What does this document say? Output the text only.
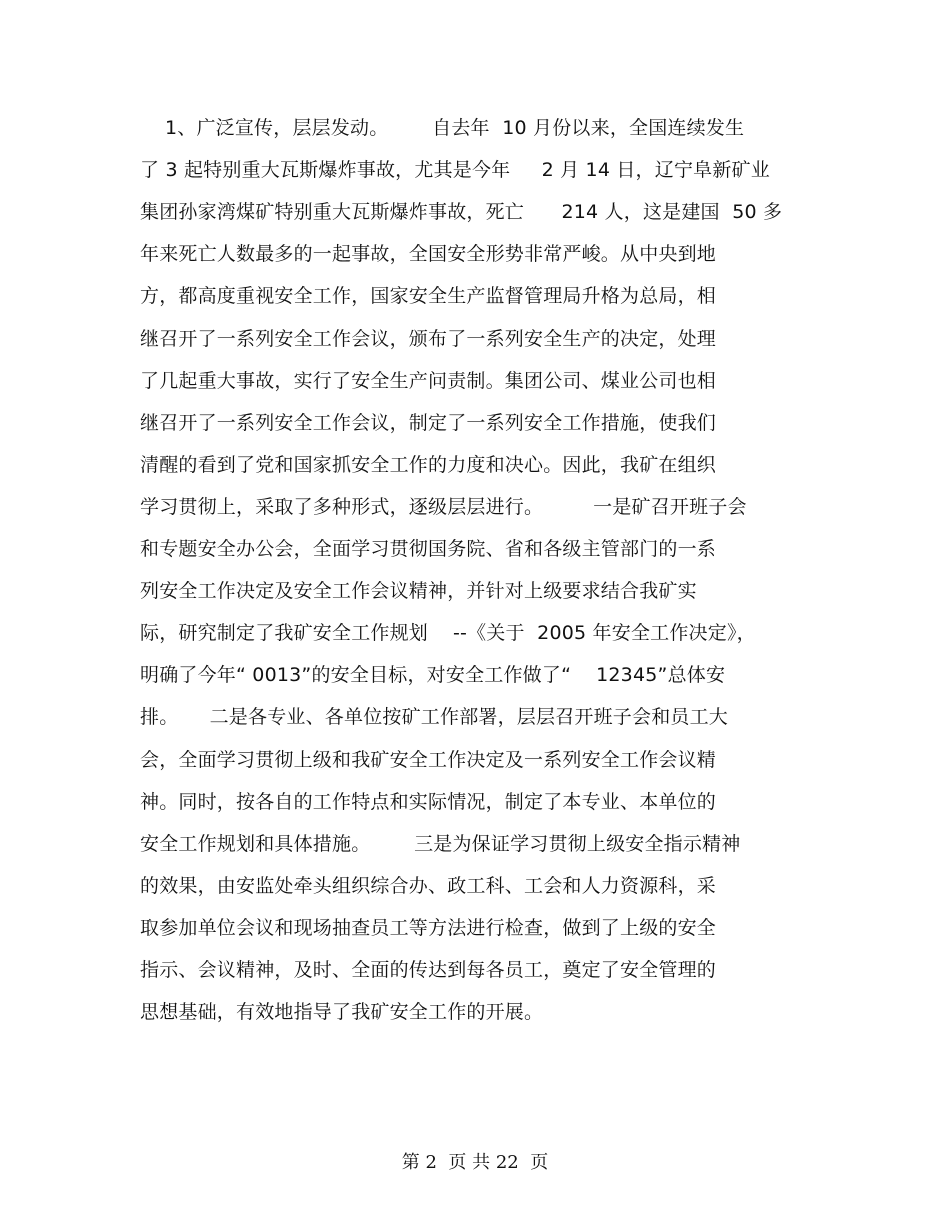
1、广泛宣传，层层发动。       自去年  10 月份以来，全国连续发生
了 3 起特别重大瓦斯爆炸事故，尤其是今年     2 月 14 日，辽宁阜新矿业
集团孙家湾煤矿特别重大瓦斯爆炸事故，死亡      214 人，这是建国  50 多
年来死亡人数最多的一起事故，全国安全形势非常严峻。从中央到地
方，都高度重视安全工作，国家安全生产监督管理局升格为总局，相
继召开了一系列安全工作会议，颁布了一系列安全生产的决定，处理
了几起重大事故，实行了安全生产问责制。集团公司、煤业公司也相
继召开了一系列安全工作会议，制定了一系列安全工作措施，使我们
清醒的看到了党和国家抓安全工作的力度和决心。因此，我矿在组织
学习贯彻上，采取了多种形式，逐级层层进行。        一是矿召开班子会
和专题安全办公会，全面学习贯彻国务院、省和各级主管部门的一系
列安全工作决定及安全工作会议精神，并针对上级要求结合我矿实
际，研究制定了我矿安全工作规划    --《关于  2005 年安全工作决定》，
明确了今年“ 0013”的安全目标，对安全工作做了“    12345”总体安
排。     二是各专业、各单位按矿工作部署，层层召开班子会和员工大
会，全面学习贯彻上级和我矿安全工作决定及一系列安全工作会议精
神。同时，按各自的工作特点和实际情况，制定了本专业、本单位的
安全工作规划和具体措施。       三是为保证学习贯彻上级安全指示精神
的效果，由安监处牵头组织综合办、政工科、工会和人力资源科，采
取参加单位会议和现场抽查员工等方法进行检查，做到了上级的安全
指示、会议精神，及时、全面的传达到每各员工，奠定了安全管理的
思想基础，有效地指导了我矿安全工作的开展。
第 2  页 共 22  页
